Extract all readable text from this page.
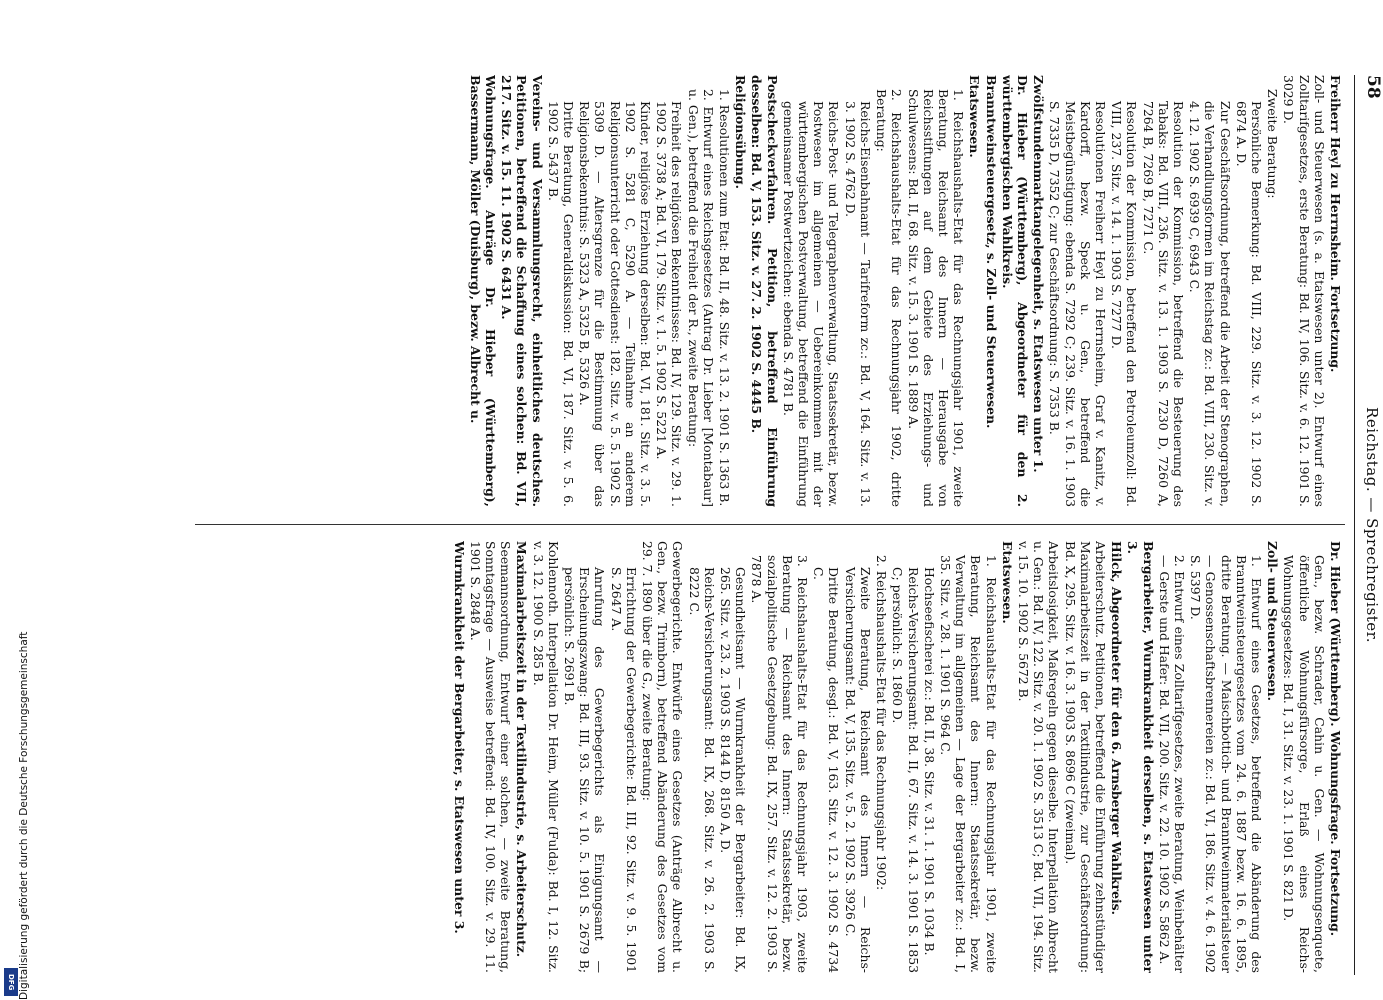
Digitalisierung gefördert durch die Deutsche Forschungsgemeinschaft
DFG
58
Reichstag. — Sprechregister.

Freiherr Heyl zu Herrnsheim. Fortsetzung.

Zoll- und Steuerwesen (s. a. Etatswesen unter 2). Entwurf eines Zolltarifgesetzes, erste Beratung: Bd. IV, 106. Sitz. v. 6. 12. 1901 S. 3029 D.

Zweite Beratung:

Persönliche Bemerkung: Bd. VIII, 229. Sitz. v. 3. 12. 1902 S. 6874 A. D.

Zur Geschäftsordnung, betreffend die Arbeit der Stenographen, die Verhandlungsformen im Reichstag zc.: Bd. VIII, 230. Sitz. v. 4. 12. 1902 S. 6939 C, 6943 C.

Resolution der Kommission, betreffend die Besteuerung des Tabaks: Bd. VIII, 236. Sitz. v. 13. 1. 1903 S. 7230 D, 7260 A, 7264 B, 7269 B, 7271 C.

Resolution der Kommission, betreffend den Petroleumzoll: Bd. VIII, 237. Sitz. v. 14. 1. 1903 S. 7277 D.

Resolutionen Freiherr Heyl zu Herrnsheim, Graf v. Kanitz, v. Kardorff, bezw. Speck u. Gen., betreffend die Meistbegünstigung: ebenda S. 7292 C; 239. Sitz. v. 16. 1. 1903 S. 7335 D, 7352 C; zur Geschäftsordnung: S. 7353 B.

Zwölfstundenmarktangelegenheit, s. Etatswesen unter 1.

Dr. Hieber (Württemberg), Abgeordneter für den 2. württembergischen Wahlkreis.

Branntweinsteuergesetz, s. Zoll- und Steuerwesen.

Etatswesen.

1. Reichshaushalts-Etat für das Rechnungsjahr 1901, zweite Beratung, Reichsamt des Innern — Herausgabe von Reichsstiftungen auf dem Gebiete des Erziehungs- und Schulwesens: Bd. II, 68. Sitz. v. 15. 3. 1901 S. 1889 A.

2. Reichshaushalts-Etat für das Rechnungsjahr 1902, dritte Beratung:

Reichs-Eisenbahnamt — Tarifreform zc.: Bd. V, 164. Sitz. v. 13. 3. 1902 S. 4762 D.

Reichs-Post- und Telegraphenverwaltung, Staatssekretär, bezw. Postwesen im allgemeinen — Uebereinkommen mit der württembergischen Postverwaltung, betreffend die Einführung gemeinsamer Postwertzeichen: ebenda S. 4781 B.

Postscheckverfahren. Petition, betreffend Einführung desselben: Bd. V, 153. Sitz. v. 27. 2. 1902 S. 4445 B.

Religionsübung.

1. Resolutionen zum Etat: Bd. II, 48. Sitz. v. 13. 2. 1901 S. 1363 B.

2. Entwurf eines Reichsgesetzes (Antrag Dr. Lieber [Montabaur] u. Gen.), betreffend die Freiheit der R., zweite Beratung:

Freiheit des religiösen Bekenntnisses: Bd. IV, 129. Sitz. v. 29. 1. 1902 S. 3738 A; Bd. VI, 179. Sitz. v. 1. 5. 1902 S. 5221 A.

Kinder, religiöse Erziehung derselben: Bd. VI, 181. Sitz. v. 3. 5. 1902 S. 5281 C, 5290 A. — Teilnahme an anderem Religionsunterricht oder Gottesdienst: 182. Sitz. v. 5. 5. 1902 S. 5309 D. — Altersgrenze für die Bestimmung über das Religionsbekenntnis: S. 5323 A, 5325 B, 5326 A.

Dritte Beratung, Generaldiskussion: Bd. VI, 187. Sitz. v. 5. 6. 1902 S. 5437 B.

Vereins- und Versammlungsrecht, einheitliches deutsches. Petitionen, betreffend die Schaffung eines solchen: Bd. VII, 217. Sitz. v. 15. 11. 1902 S. 6431 A.

Wohnungsfrage. Anträge Dr. Hieber (Württemberg), Bassermann, Möller (Duisburg), bezw. Albrecht u.

Dr. Hieber (Württemberg). Wohnungsfrage. Fortsetzung.

Gen., bezw. Schrader, Cahin u. Gen. — Wohnungsenquete, öffentliche Wohnungsfürsorge, Erlaß eines Reichs-Wohnungsgesetzes: Bd. I, 31. Sitz. v. 23. 1. 1901 S. 821 D.

Zoll- und Steuerwesen.

1. Entwurf eines Gesetzes, betreffend die Abänderung des Branntweinsteuergesetzes vom 24. 6. 1887 bezw. 16. 6. 1895, dritte Beratung. — Maischbottich- und Branntweinmaterialsteuer — Genossenschaftsbrennereien zc.: Bd. VI, 186. Sitz. v. 4. 6. 1902 S. 5397 D.

2. Entwurf eines Zolltarifgesetzes, zweite Beratung, Weinbehälter — Gerste und Hafer: Bd. VII, 200. Sitz. v. 22. 10. 1902 S. 5862 A.

Bergarbeiter, Wurmkrankheit derselben, s. Etatswesen unter 3.

Hilck, Abgeordneter für den 6. Arnsberger Wahlkreis.

Arbeiterschutz. Petitionen, betreffend die Einführung zehnstündiger Maximalarbeitszeit in der Textilindustrie, zur Geschäftsordnung: Bd. X, 295. Sitz. v. 16. 3. 1903 S. 8696 C (zweimal).

Arbeitslosigkeit, Maßregeln gegen dieselbe. Interpellation Albrecht u. Gen.: Bd. IV, 122. Sitz. v. 20. 1. 1902 S. 3513 C; Bd. VII, 194. Sitz. v. 15. 10. 1902 S. 5672 B.

Etatswesen.

1. Reichshaushalts-Etat für das Rechnungsjahr 1901, zweite Beratung, Reichsamt des Innern: Staatssekretär, bezw. Verwaltung im allgemeinen — Lage der Bergarbeiter zc.: Bd. I, 35. Sitz. v. 28. 1. 1901 S. 964 C.

Hochseefischerei zc.: Bd. II, 38. Sitz. v. 31. 1. 1901 S. 1034 B.

Reichs-Versicherungsamt: Bd. II, 67. Sitz. v. 14. 3. 1901 S. 1853 C; persönlich: S. 1860 D.

2. Reichshaushalts-Etat für das Rechnungsjahr 1902:

Zweite Beratung, Reichsamt des Innern — Reichs-Versicherungsamt: Bd. V, 135. Sitz. v. 5. 2. 1902 S. 3926 C.

Dritte Beratung, desgl.: Bd. V, 163. Sitz. v. 12. 3. 1902 S. 4734 C.

3. Reichshaushalts-Etat für das Rechnungsjahr 1903, zweite Beratung — Reichsamt des Innern: Staatssekretär, bezw. sozialpolitische Gesetzgebung: Bd. IX, 257. Sitz. v. 12. 2. 1903 S. 7878 A.

Gesundheitsamt — Wurmkrankheit der Bergarbeiter: Bd. IX, 265. Sitz. v. 23. 2. 1903 S. 8144 D, 8150 A, D.

Reichs-Versicherungsamt: Bd. IX, 268. Sitz. v. 26. 2. 1903 S. 8222 C.

Gewerbegerichte. Entwürfe eines Gesetzes (Anträge Albrecht u. Gen., bezw. Trimborn), betreffend Abänderung des Gesetzes vom 29. 7. 1890 über die G., zweite Beratung:

Errichtung der Gewerbegerichte: Bd. III, 92. Sitz. v. 9. 5. 1901 S. 2647 A.

Anrufung des Gewerbegerichts als Einigungsamt — Erscheinungszwang: Bd. III, 93. Sitz. v. 10. 5. 1901 S. 2679 B; persönlich: S. 2691 B.

Kohlennoth. Interpellation Dr. Heim, Müller (Fulda): Bd. I, 12. Sitz. v. 3. 12. 1900 S. 285 B.

Maximalarbeitszeit in der Textilindustrie, s. Arbeiterschutz.

Seemannsordnung, Entwurf einer solchen, — zweite Beratung, Sonntagsfrage — Ausweise betreffend: Bd. IV, 100. Sitz. v. 29. 11. 1901 S. 2848 A.

Wurmkrankheit der Bergarbeiter, s. Etatswesen unter 3.
